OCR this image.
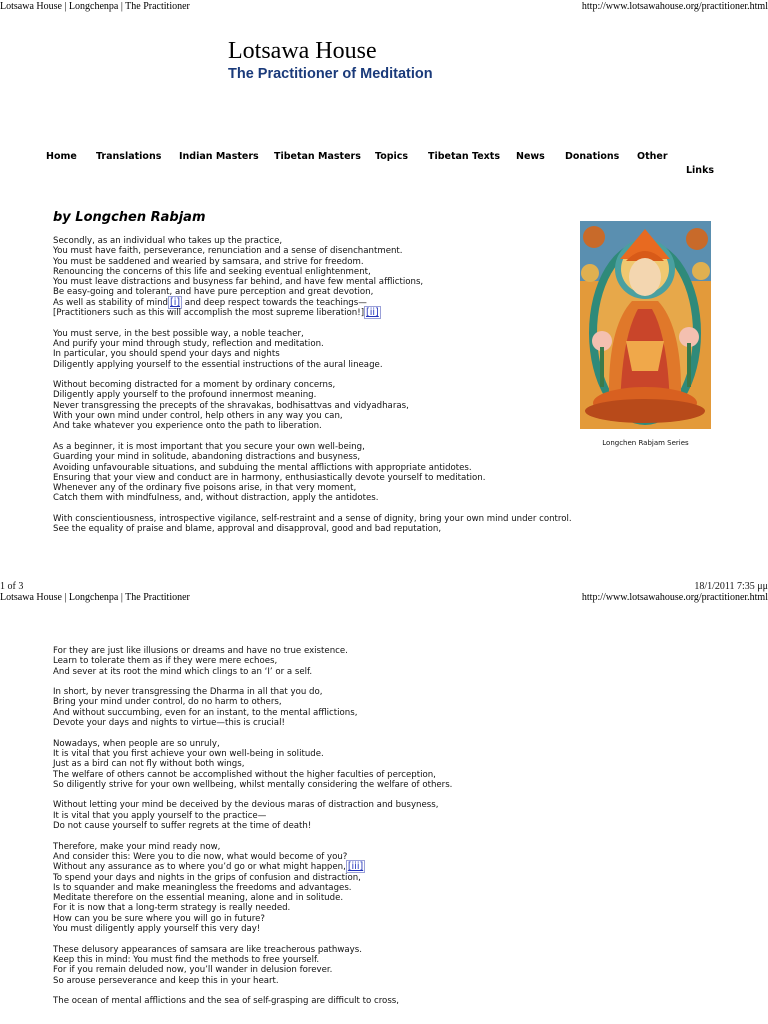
Lotsawa House | Longchenpa | The Practitioner	http://www.lotsawahouse.org/practitioner.html
Lotsawa House
The Practitioner of Meditation
Home Translations Indian Masters Tibetan Masters Topics Tibetan Texts News Donations Other
Links
by Longchen Rabjam

Secondly, as an individual who takes up the practice,
You must have faith, perseverance, renunciation and a sense of disenchantment.
You must be saddened and wearied by samsara, and strive for freedom.
Renouncing the concerns of this life and seeking eventual enlightenment,
You must leave distractions and busyness far behind, and have few mental afflictions,
Be easy-going and tolerant, and have pure perception and great devotion,
As well as stability of mind [i] and deep respect towards the teachings—
[Practitioners such as this will accomplish the most supreme liberation!] [ii]

You must serve, in the best possible way, a noble teacher,
And purify your mind through study, reflection and meditation.
In particular, you should spend your days and nights
Diligently applying yourself to the essential instructions of the aural lineage.

Without becoming distracted for a moment by ordinary concerns,
Diligently apply yourself to the profound innermost meaning.
Never transgressing the precepts of the shravakas, bodhisattvas and vidyadharas,
With your own mind under control, help others in any way you can,
And take whatever you experience onto the path to liberation.

As a beginner, it is most important that you secure your own well-being,
Guarding your mind in solitude, abandoning distractions and busyness,
Avoiding unfavourable situations, and subduing the mental afflictions with appropriate antidotes.
Ensuring that your view and conduct are in harmony, enthusiastically devote yourself to meditation.
Whenever any of the ordinary five poisons arise, in that very moment,
Catch them with mindfulness, and, without distraction, apply the antidotes.

With conscientiousness, introspective vigilance, self-restraint and a sense of dignity, bring your own mind under control.
See the equality of praise and blame, approval and disapproval, good and bad reputation,

Longchen Rabjam Series
1 of 3	18/1/2011 7:35 μμ
Lotsawa House | Longchenpa | The Practitioner	http://www.lotsawahouse.org/practitioner.html

For they are just like illusions or dreams and have no true existence.
Learn to tolerate them as if they were mere echoes,
And sever at its root the mind which clings to an ‘I’ or a self.

In short, by never transgressing the Dharma in all that you do,
Bring your mind under control, do no harm to others,
And without succumbing, even for an instant, to the mental afflictions,
Devote your days and nights to virtue—this is crucial!

Nowadays, when people are so unruly,
It is vital that you first achieve your own well-being in solitude.
Just as a bird can not fly without both wings,
The welfare of others cannot be accomplished without the higher faculties of perception,
So diligently strive for your own wellbeing, whilst mentally considering the welfare of others.

Without letting your mind be deceived by the devious maras of distraction and busyness,
It is vital that you apply yourself to the practice—
Do not cause yourself to suffer regrets at the time of death!

Therefore, make your mind ready now,
And consider this: Were you to die now, what would become of you?
Without any assurance as to where you’d go or what might happen, [iii]
To spend your days and nights in the grips of confusion and distraction,
Is to squander and make meaningless the freedoms and advantages.
Meditate therefore on the essential meaning, alone and in solitude.
For it is now that a long-term strategy is really needed.
How can you be sure where you will go in future?
You must diligently apply yourself this very day!

These delusory appearances of samsara are like treacherous pathways.
Keep this in mind: You must find the methods to free yourself.
For if you remain deluded now, you’ll wander in delusion forever.
So arouse perseverance and keep this in your heart.

The ocean of mental afflictions and the sea of self-grasping are difficult to cross,
